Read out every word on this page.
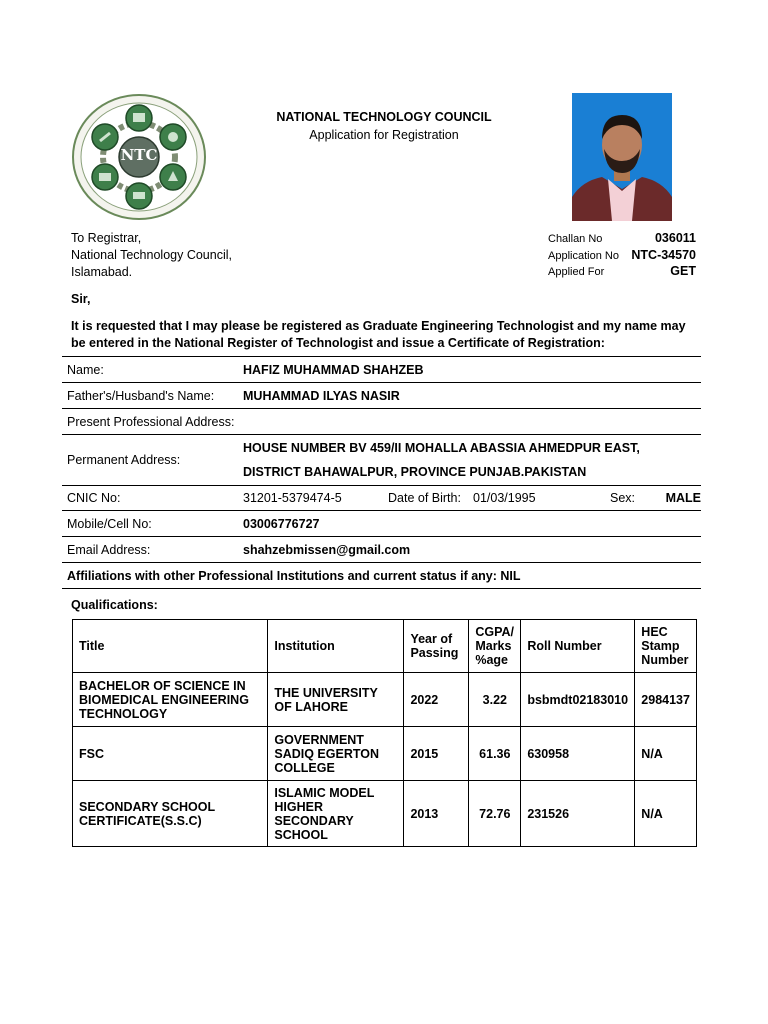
NTC
NATIONAL TECHNOLOGY COUNCIL
Application for Registration
To Registrar,
National Technology Council,
Islamabad.
Challan No	036011
Application No NTC-34570
Applied For	GET
Sir,
It is requested that I may please be registered as Graduate Engineering Technologist and my name may be entered in the National Register of Technologist and issue a Certificate of Registration:
Name:	HAFIZ MUHAMMAD SHAHZEB
Father's/Husband's Name: MUHAMMAD ILYAS NASIR
Present Professional Address:
Permanent Address:
HOUSE NUMBER BV 459/II MOHALLA ABASSIA AHMEDPUR EAST,
DISTRICT BAHAWALPUR, PROVINCE PUNJAB.PAKISTAN
CNIC No:	31201-5379474-5	Date of Birth: 01/03/1995	Sex: MALE
Mobile/Cell No:	03006776727
Email Address:	shahzebmissen@gmail.com
Affiliations with other Professional Institutions and current status if any: NIL
Qualifications:
Title	Institution	Year of Passing	CGPA/ Marks %age	Roll Number	HEC Stamp Number
BACHELOR OF SCIENCE IN BIOMEDICAL ENGINEERING TECHNOLOGY	THE UNIVERSITY OF LAHORE	2022	3.22	bsbmdt02183010	2984137
FSC	GOVERNMENT SADIQ EGERTON COLLEGE	2015	61.36	630958	N/A
SECONDARY SCHOOL CERTIFICATE(S.S.C)	ISLAMIC MODEL HIGHER SECONDARY SCHOOL	2013	72.76	231526	N/A
